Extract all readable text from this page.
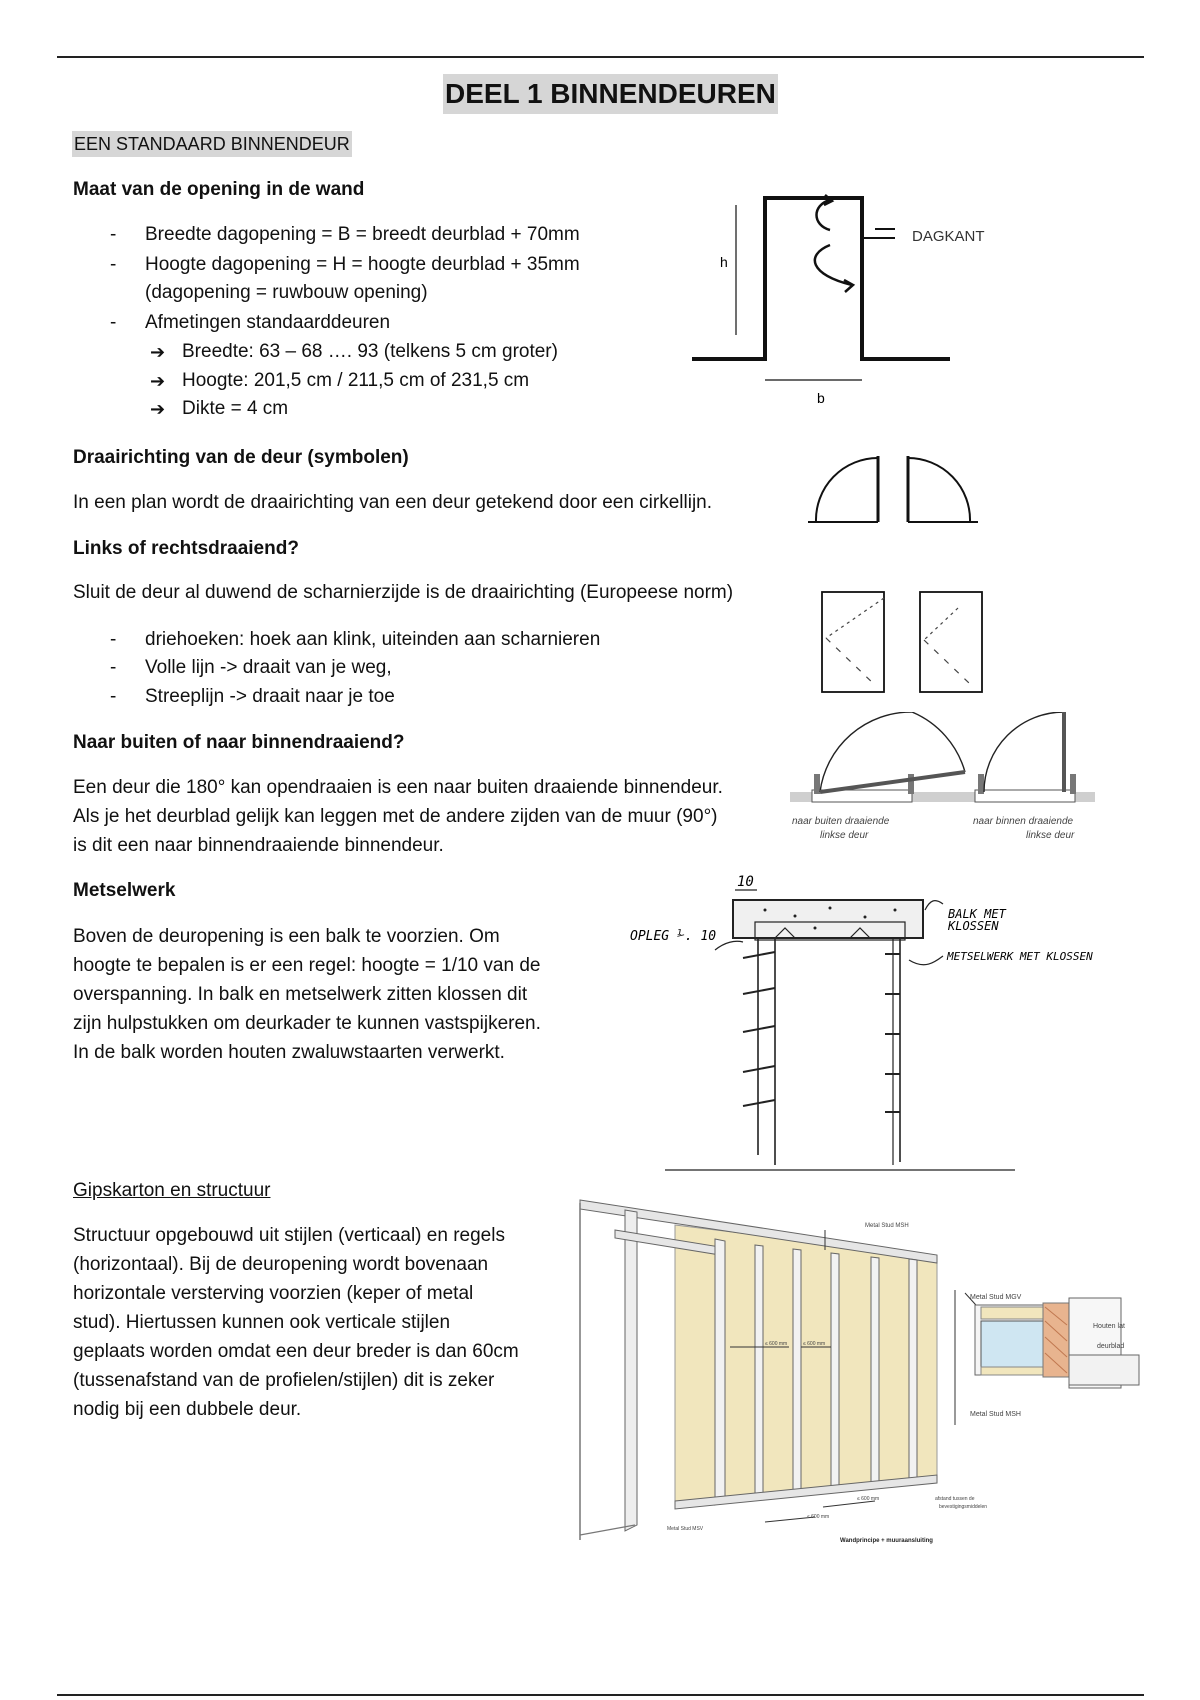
DEEL 1 BINNENDEUREN
EEN STANDAARD BINNENDEUR
Maat van de opening in de wand
- Breedte dagopening = B = breedt deurblad + 70mm
- Hoogte dagopening = H = hoogte deurblad + 35mm
(dagopening = ruwbouw opening)
- Afmetingen standaarddeuren
➔ Breedte: 63 – 68 …. 93 (telkens 5 cm groter)
➔ Hoogte: 201,5 cm / 211,5 cm of 231,5 cm
➔ Dikte = 4 cm
h
b
DAGKANT
Draairichting van de deur (symbolen)
In een plan wordt de draairichting van een deur getekend door een cirkellijn.
Links of rechtsdraaiend?
Sluit de deur al duwend de scharnierzijde is de draairichting (Europeese norm)
- driehoeken: hoek aan klink, uiteinden aan scharnieren
- Volle lijn -> draait van je weg,
- Streeplijn -> draait naar je toe
Naar buiten of naar binnendraaiend?
Een deur die 180° kan opendraaien is een naar buiten draaiende binnendeur.
Als je het deurblad gelijk kan leggen met de andere zijden van de muur (90°)
is dit een naar binnendraaiende binnendeur.
naar buiten draaiende
linkse deur
naar binnen draaiende
linkse deur
Metselwerk
Boven de deuropening is een balk te voorzien. Om
hoogte te bepalen is er een regel: hoogte = 1/10 van de
overspanning. In balk en metselwerk zitten klossen dit
zijn hulpstukken om deurkader te kunnen vastspijkeren.
In de balk worden houten zwaluwstaarten verwerkt.
10
OPLEG ⅟. 10
BALK MET
KLOSSEN
METSELWERK MET KLOSSEN
Gipskarton en structuur
Structuur opgebouwd uit stijlen (verticaal) en regels
(horizontaal). Bij de deuropening wordt bovenaan
horizontale versterving voorzien (keper of metal
stud). Hiertussen kunnen ook verticale stijlen
geplaats worden omdat een deur breder is dan 60cm
(tussenafstand van de profielen/stijlen) dit is zeker
nodig bij een dubbele deur.
Metal Stud MSH
Metal Stud MGV
Houten lat
deurblad
Metal Stud MSH
≤ 600 mm	≤ 600 mm
≤ 600 mm
≤ 600 mm
afstand tussen de
bevestigingsmiddelen
Metal Stud MSV
Wandprincipe + muuraansluiting
